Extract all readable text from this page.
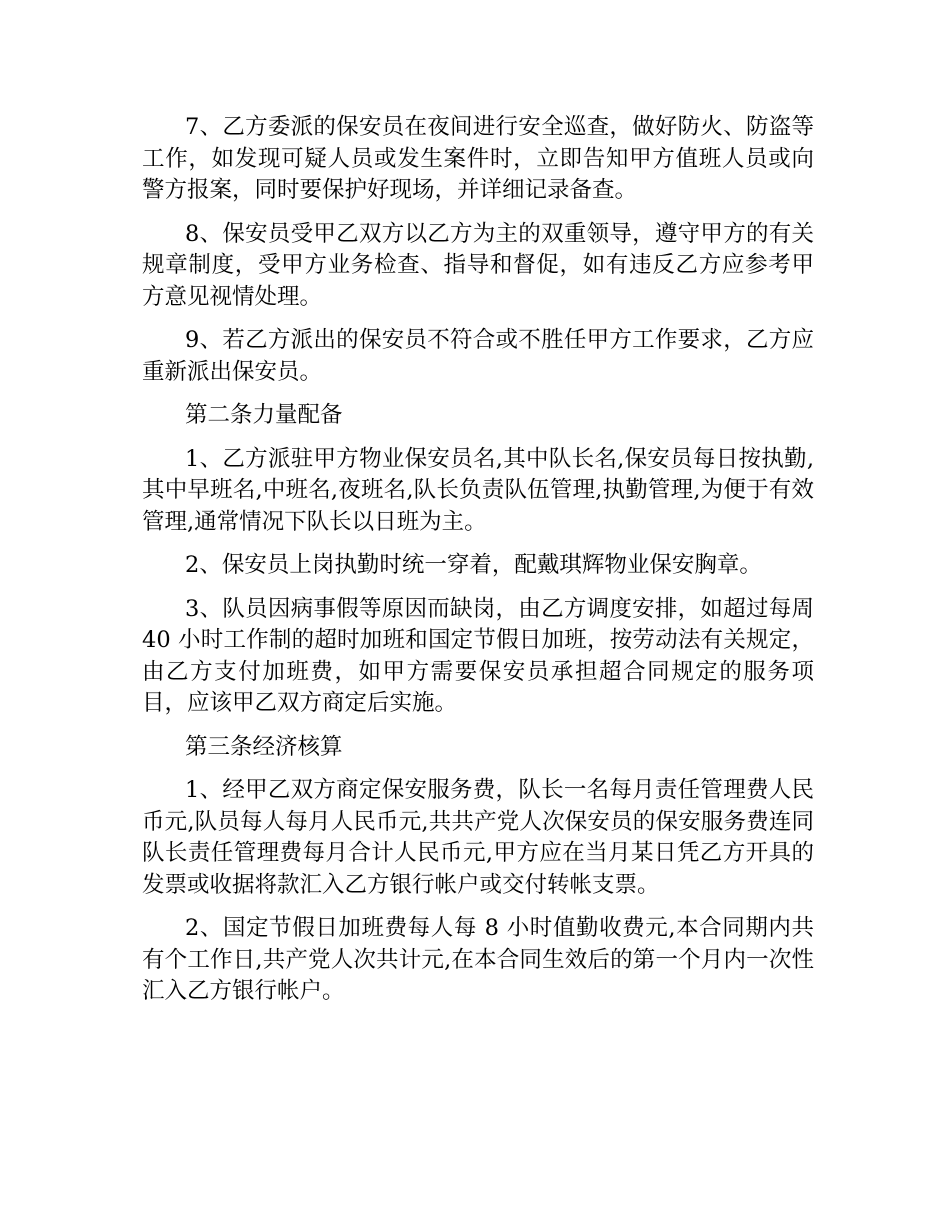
7、乙方委派的保安员在夜间进行安全巡查，做好防火、防盗等工作，如发现可疑人员或发生案件时，立即告知甲方值班人员或向警方报案，同时要保护好现场，并详细记录备查。

8、保安员受甲乙双方以乙方为主的双重领导，遵守甲方的有关规章制度，受甲方业务检查、指导和督促，如有违反乙方应参考甲方意见视情处理。

9、若乙方派出的保安员不符合或不胜任甲方工作要求，乙方应重新派出保安员。

第二条力量配备

1、乙方派驻甲方物业保安员名,其中队长名,保安员每日按执勤,其中早班名,中班名,夜班名,队长负责队伍管理,执勤管理,为便于有效管理,通常情况下队长以日班为主。

2、保安员上岗执勤时统一穿着，配戴琪辉物业保安胸章。

3、队员因病事假等原因而缺岗，由乙方调度安排，如超过每周 40 小时工作制的超时加班和国定节假日加班，按劳动法有关规定，由乙方支付加班费，如甲方需要保安员承担超合同规定的服务项目，应该甲乙双方商定后实施。

第三条经济核算

1、经甲乙双方商定保安服务费，队长一名每月责任管理费人民币元,队员每人每月人民币元,共共产党人次保安员的保安服务费连同队长责任管理费每月合计人民币元,甲方应在当月某日凭乙方开具的发票或收据将款汇入乙方银行帐户或交付转帐支票。

2、国定节假日加班费每人每 8 小时值勤收费元,本合同期内共有个工作日,共产党人次共计元,在本合同生效后的第一个月内一次性汇入乙方银行帐户。
